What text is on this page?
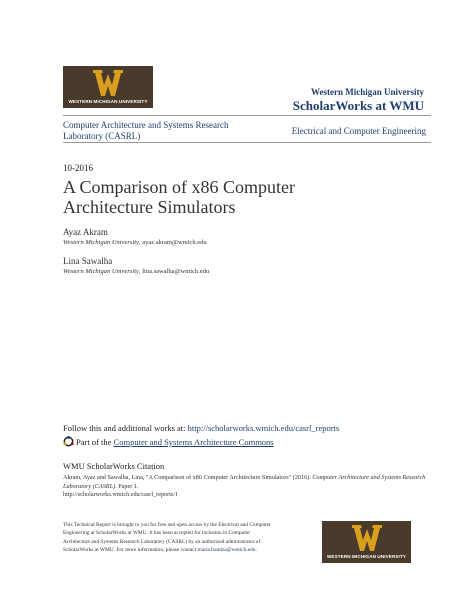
WESTERN MICHIGAN UNIVERSITY
Western Michigan University
ScholarWorks at WMU
Computer Architecture and Systems Research Laboratory (CASRL)	Electrical and Computer Engineering
10-2016
A Comparison of x86 Computer Architecture Simulators
Ayaz Akram
Western Michigan University, ayaz.akram@wmich.edu
Lina Sawalha
Western Michigan University, lina.sawalha@wmich.edu
Follow this and additional works at: http://scholarworks.wmich.edu/casrl_reports
Part of the
Computer and Systems Architecture Commons
WMU ScholarWorks Citation
Akram, Ayaz and Sawalha, Lina, "A Comparison of x86 Computer Architecture Simulators" (2016). Computer Architecture and Systems Research Laboratory (CASRL). Paper 1.
http://scholarworks.wmich.edu/casrl_reports/1
This Technical Report is brought to you for free and open access by the Electrical and Computer Engineering at ScholarWorks at WMU. It has been accepted for inclusion in Computer Architecture and Systems Research Laboratory (CASRL) by an authorized administrator of ScholarWorks at WMU. For more information, please contact maira.bundza@wmich.edu.
WESTERN MICHIGAN UNIVERSITY
